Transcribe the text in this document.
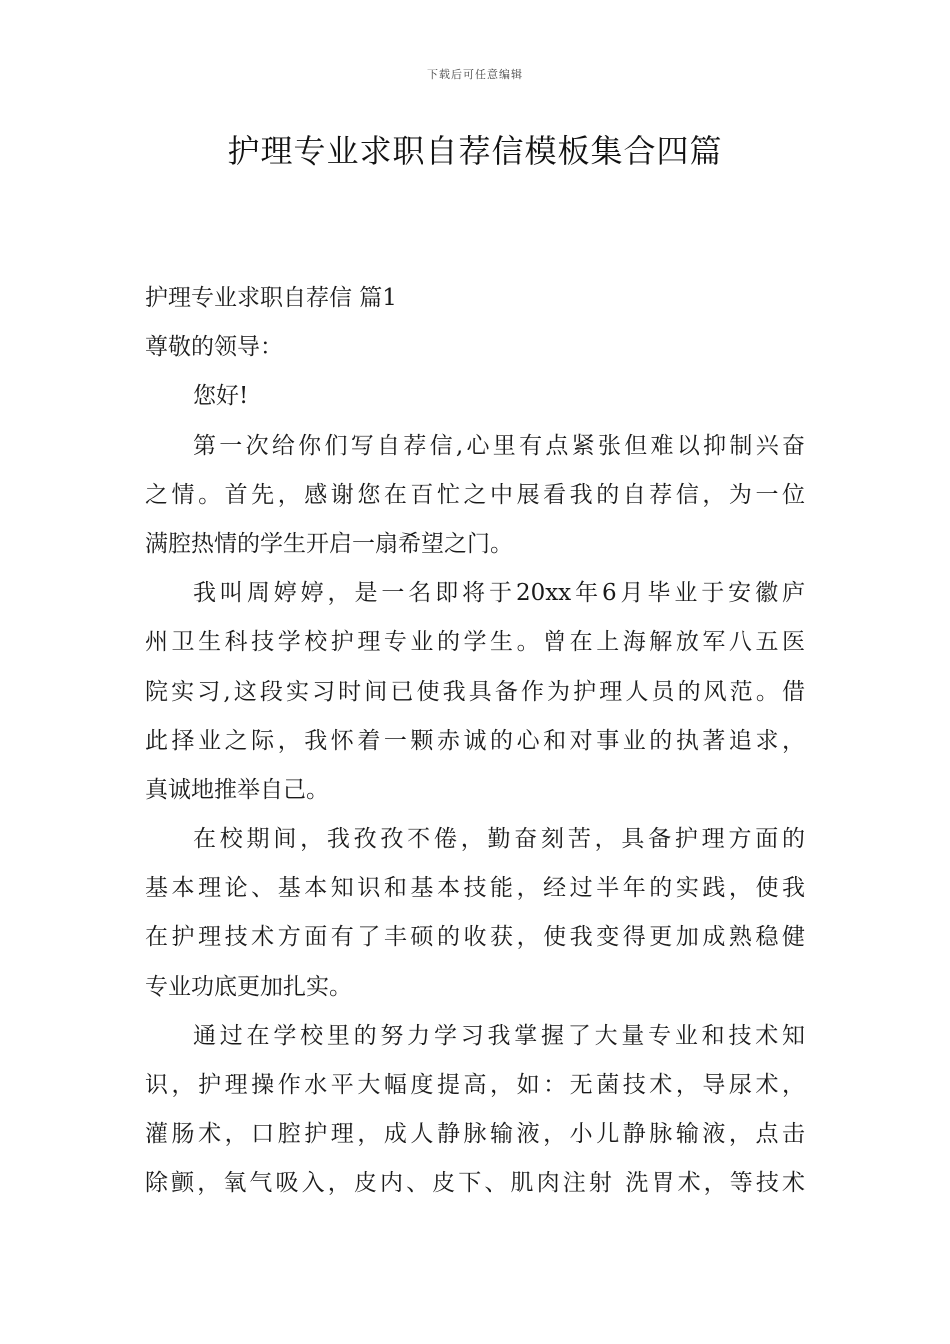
下载后可任意编辑
护理专业求职自荐信模板集合四篇
护理专业求职自荐信 篇1
尊敬的领导：
您好!
第一次给你们写自荐信,心里有点紧张但难以抑制兴奋
之情。首先，感谢您在百忙之中展看我的自荐信，为一位
满腔热情的学生开启一扇希望之门。
我叫周婷婷，是一名即将于20xx年6月毕业于安徽庐
州卫生科技学校护理专业的学生。曾在上海解放军八五医
院实习,这段实习时间已使我具备作为护理人员的风范。借
此择业之际，我怀着一颗赤诚的心和对事业的执著追求，
真诚地推举自己。
在校期间，我孜孜不倦，勤奋刻苦，具备护理方面的
基本理论、基本知识和基本技能，经过半年的实践，使我
在护理技术方面有了丰硕的收获，使我变得更加成熟稳健
专业功底更加扎实。
通过在学校里的努力学习我掌握了大量专业和技术知
识，护理操作水平大幅度提高，如：无菌技术，导尿术，
灌肠术，口腔护理，成人静脉输液，小儿静脉输液，点击
除颤，氧气吸入，皮内、皮下、肌肉注射 洗胃术，等技术
